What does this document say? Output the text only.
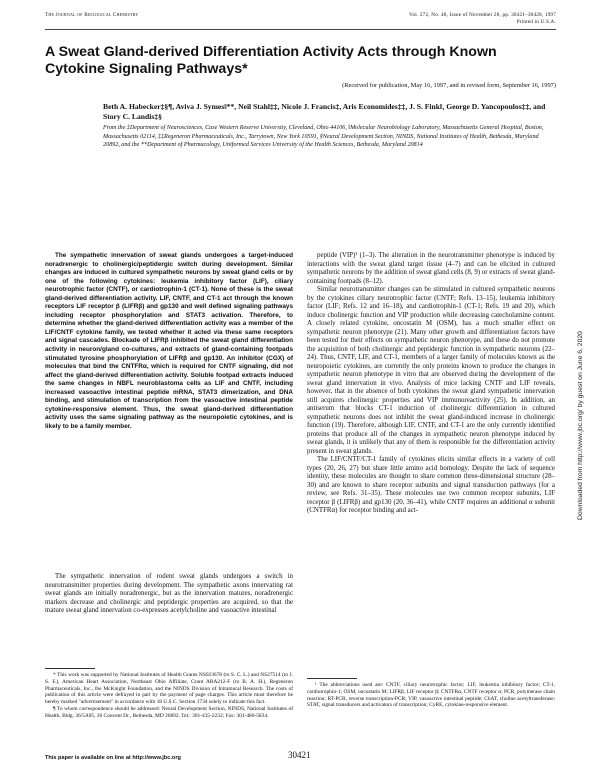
The Journal of Biological Chemistry	Vol. 272, No. 48, Issue of November 28, pp. 30421–30428, 1997
Printed in U.S.A.
A Sweat Gland-derived Differentiation Activity Acts through Known Cytokine Signaling Pathways*
(Received for publication, May 16, 1997, and in revised form, September 16, 1997)
Beth A. Habecker‡§¶, Aviva J. Symes‖**, Neil Stahl‡‡, Nicole J. Francis‡, Aris Economides‡‡, J. S. Fink‖, George D. Yancopoulos‡‡, and Story C. Landis‡§
From the ‡Department of Neurosciences, Case Western Reserve University, Cleveland, Ohio 44106, ‖Molecular Neurobiology Laboratory, Massachusetts General Hospital, Boston, Massachusetts 02114, ‡‡Regeneron Pharmaceuticals, Inc., Tarrytown, New York 10591, §Neural Development Section, NINDS, National Institutes of Health, Bethesda, Maryland 20892, and the **Department of Pharmacology, Uniformed Services University of the Health Sciences, Bethesda, Maryland 20814

The sympathetic innervation of sweat glands undergoes a target-induced noradrenergic to cholinergic/peptidergic switch during development. Similar changes are induced in cultured sympathetic neurons by sweat gland cells or by one of the following cytokines: leukemia inhibitory factor (LIF), ciliary neurotrophic factor (CNTF), or cardiotrophin-1 (CT-1). None of these is the sweat gland-derived differentiation activity. LIF, CNTF, and CT-1 act through the known receptors LIF receptor β (LIFRβ) and gp130 and well defined signaling pathways including receptor phosphorylation and STAT3 activation. Therefore, to determine whether the gland-derived differentiation activity was a member of the LIF/CNTF cytokine family, we tested whether it acted via these same receptors and signal cascades. Blockade of LIFRβ inhibited the sweat gland differentiation activity in neuron/gland co-cultures, and extracts of gland-containing footpads stimulated tyrosine phosphorylation of LIFRβ and gp130. An inhibitor (CGX) of molecules that bind the CNTFRα, which is required for CNTF signaling, did not affect the gland-derived differentiation activity. Soluble footpad extracts induced the same changes in NBFL neuroblastoma cells as LIF and CNTF, including increased vasoactive intestinal peptide mRNA, STAT3 dimerization, and DNA binding, and stimulation of transcription from the vasoactive intestinal peptide cytokine-responsive element. Thus, the sweat gland-derived differentiation activity uses the same signaling pathway as the neuropoietic cytokines, and is likely to be a family member.

The sympathetic innervation of rodent sweat glands undergoes a switch in neurotransmitter properties during development. The sympathetic axons innervating rat sweat glands are initially noradrenergic, but as the innervation matures, noradrenergic markers decrease and cholinergic and peptidergic properties are acquired, so that the mature sweat gland innervation co-expresses acetylcholine and vasoactive intestinal

peptide (VIP)¹ (1–3). The alteration in the neurotransmitter phenotype is induced by interactions with the sweat gland target tissue (4–7) and can be elicited in cultured sympathetic neurons by the addition of sweat gland cells (8, 9) or extracts of sweat gland-containing footpads (8–12).

Similar neurotransmitter changes can be stimulated in cultured sympathetic neurons by the cytokines ciliary neurotrophic factor (CNTF; Refs. 13–15), leukemia inhibitory factor (LIF; Refs. 12 and 16–18), and cardiotrophin-1 (CT-1; Refs. 19 and 20), which induce cholinergic function and VIP production while decreasing catecholamine content. A closely related cytokine, oncostatin M (OSM), has a much smaller effect on sympathetic neuron phenotype (21). Many other growth and differentiation factors have been tested for their effects on sympathetic neuron phenotype, and these do not promote the acquisition of both cholinergic and peptidergic function in sympathetic neurons (22–24). Thus, CNTF, LIF, and CT-1, members of a larger family of molecules known as the neuropoietic cytokines, are currently the only proteins known to produce the changes in sympathetic neuron phenotype in vitro that are observed during the development of the sweat gland innervation in vivo. Analysis of mice lacking CNTF and LIF reveals, however, that in the absence of both cytokines the sweat gland sympathetic innervation still acquires cholinergic properties and VIP immunoreactivity (25). In addition, an antiserum that blocks CT-1 induction of cholinergic differentiation in cultured sympathetic neurons does not inhibit the sweat gland-induced increase in cholinergic function (19). Therefore, although LIF, CNTF, and CT-1 are the only currently identified proteins that produce all of the changes in sympathetic neuron phenotype induced by sweat glands, it is unlikely that any of them is responsible for the differentiation activity present in sweat glands.

The LIF/CNTF/CT-1 family of cytokines elicits similar effects in a variety of cell types (20, 26, 27) but share little amino acid homology. Despite the lack of sequence identity, these molecules are thought to share common three-dimensional structure (28–30) and are known to share receptor subunits and signal transduction pathways (for a review, see Refs. 31–35). These molecules use two common receptor subunits, LIF receptor β (LIFRβ) and gp130 (20, 36–41), while CNTF requires an additional α subunit (CNTFRα) for receptor binding and act-

* This work was supported by National Institutes of Health Grants NS023678 (to S. C. L.) and NS27514 (to J. S. F.), American Heart Association, Northeast Ohio Affiliate, Grant ARA212-F (to B. A. H.), Regeneron Pharmaceuticals, Inc., the McKnight Foundation, and the NINDS Division of Intramural Research. The costs of publication of this article were defrayed in part by the payment of page charges. This article must therefore be hereby marked "advertisement" in accordance with 18 U.S.C. Section 1734 solely to indicate this fact.

¶ To whom correspondence should be addressed: Neural Development Section, NINDS, National Institutes of Health, Bldg. 36/5A05, 36 Convent Dr., Bethesda, MD 20892. Tel.: 301-435-2232; Fax: 301-480-5834.

¹ The abbreviations used are: CNTF, ciliary neurotrophic factor; LIF, leukemia inhibitory factor; CT-1, cardiotrophin-1; OSM, oncostatin M; LIFRβ, LIF receptor β; CNTFRα, CNTF receptor α; PCR, polymerase chain reaction; RT-PCR, reverse transcription-PCR; VIP, vasoactive intestinal peptide; ChAT, choline acetyltransferase; STAT, signal transducers and activators of transcription; CyRE, cytokine-responsive element.

Downloaded from http://www.jbc.org/ by guest on June 6, 2020
This paper is available on line at http://www.jbc.org	30421
